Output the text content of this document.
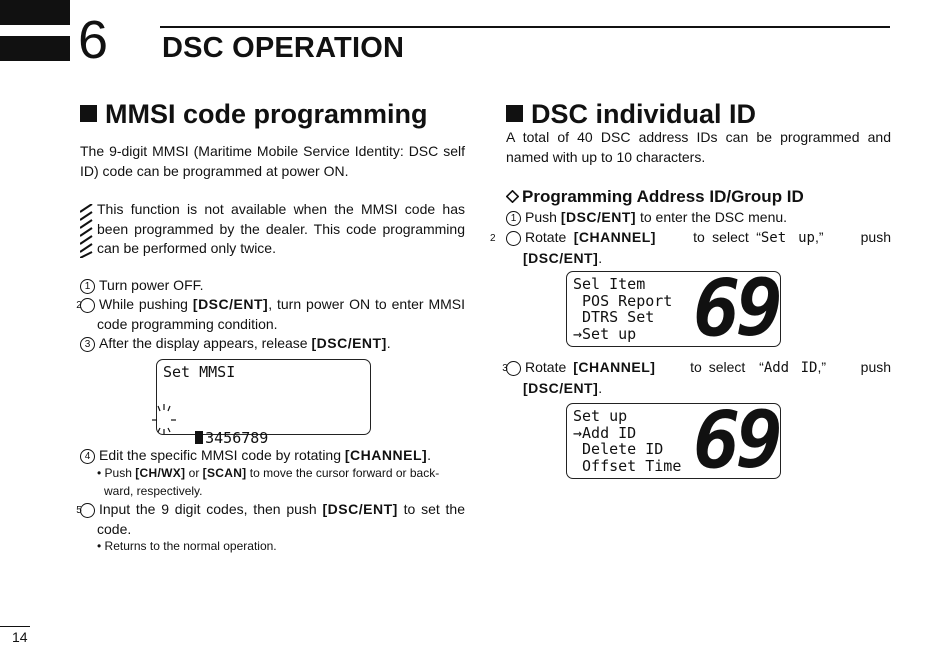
6 DSC OPERATION
MMSI code programming
The 9-digit MMSI (Maritime Mobile Service Identity: DSC self ID) code can be programmed at power ON.
This function is not available when the MMSI code has been programmed by the dealer. This code programming can be performed only twice.
1 Turn power OFF.
2 While pushing [DSC/ENT], turn power ON to enter MMSI code programming condition.
3 After the display appears, release [DSC/ENT].
Set MMSI

3456789

4 Edit the specific MMSI code by rotating [CHANNEL].
• Push [CH/WX] or [SCAN] to move the cursor forward or back-ward, respectively.
5 Input the 9 digit codes, then push [DSC/ENT] to set the code.
• Returns to the normal operation.
DSC individual ID
A total of 40 DSC address IDs can be programmed and named with up to 10 characters.
Programming Address ID/Group ID
1 Push [DSC/ENT] to enter the DSC menu.
2 Rotate [CHANNEL]     to select “Set up,”     push [DSC/ENT].
Sel Item
POS Report
DTRS Set
→Set up 69
3 Rotate [CHANNEL]     to select  “Add ID,”     push [DSC/ENT].
Set up
→Add ID
Delete ID
Offset Time 69
14
